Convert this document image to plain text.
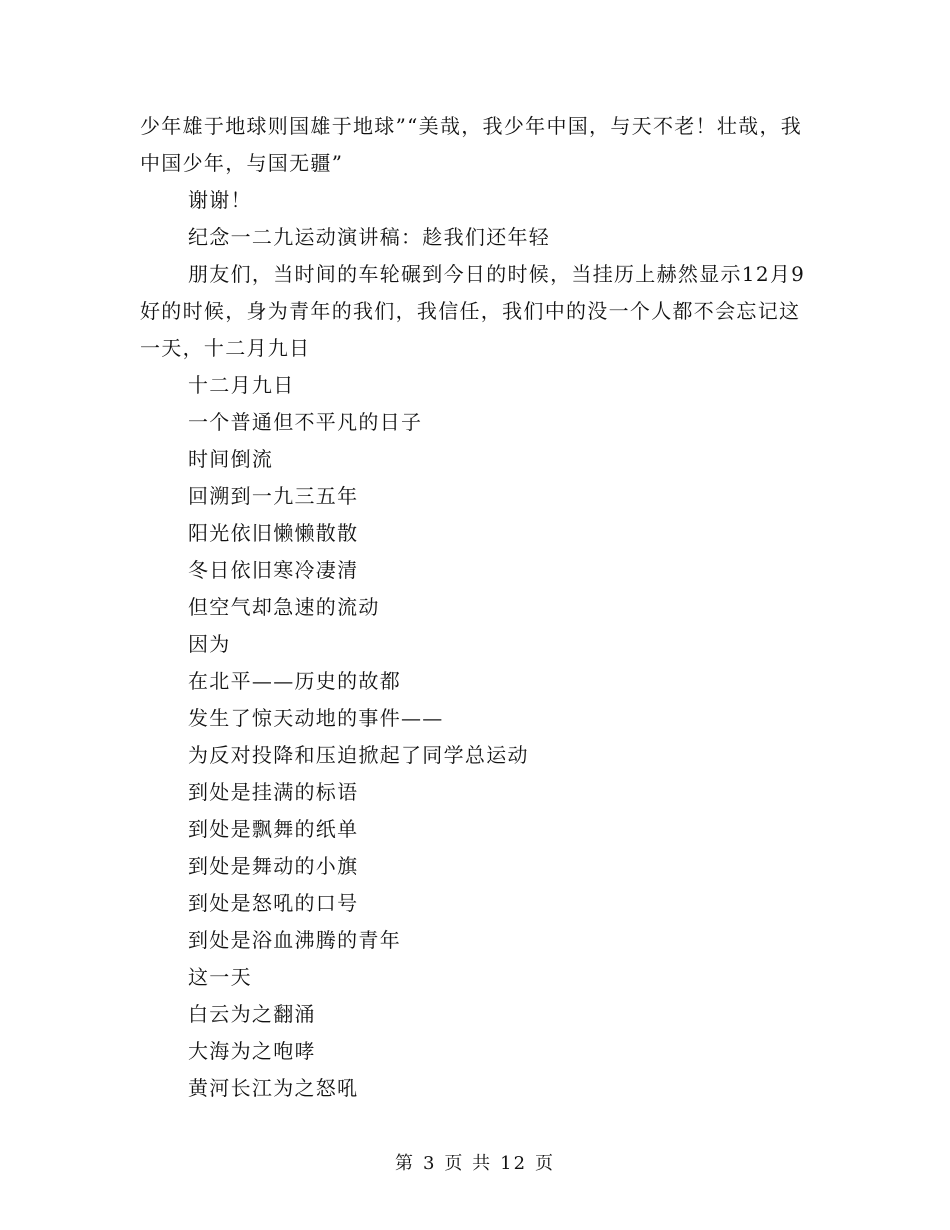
少年雄于地球则国雄于地球”“美哉，我少年中国，与天不老！壮哉，我中国少年，与国无疆”

谢谢！

纪念一二九运动演讲稿：趁我们还年轻

朋友们，当时间的车轮碾到今日的时候，当挂历上赫然显示12月9好的时候，身为青年的我们，我信任，我们中的没一个人都不会忘记这一天，十二月九日

十二月九日

一个普通但不平凡的日子

时间倒流

回溯到一九三五年

阳光依旧懒懒散散

冬日依旧寒冷凄清

但空气却急速的流动

因为

在北平——历史的故都

发生了惊天动地的事件——

为反对投降和压迫掀起了同学总运动

到处是挂满的标语

到处是飘舞的纸单

到处是舞动的小旗

到处是怒吼的口号

到处是浴血沸腾的青年

这一天

白云为之翻涌

大海为之咆哮

黄河长江为之怒吼

第 3 页 共 12 页
